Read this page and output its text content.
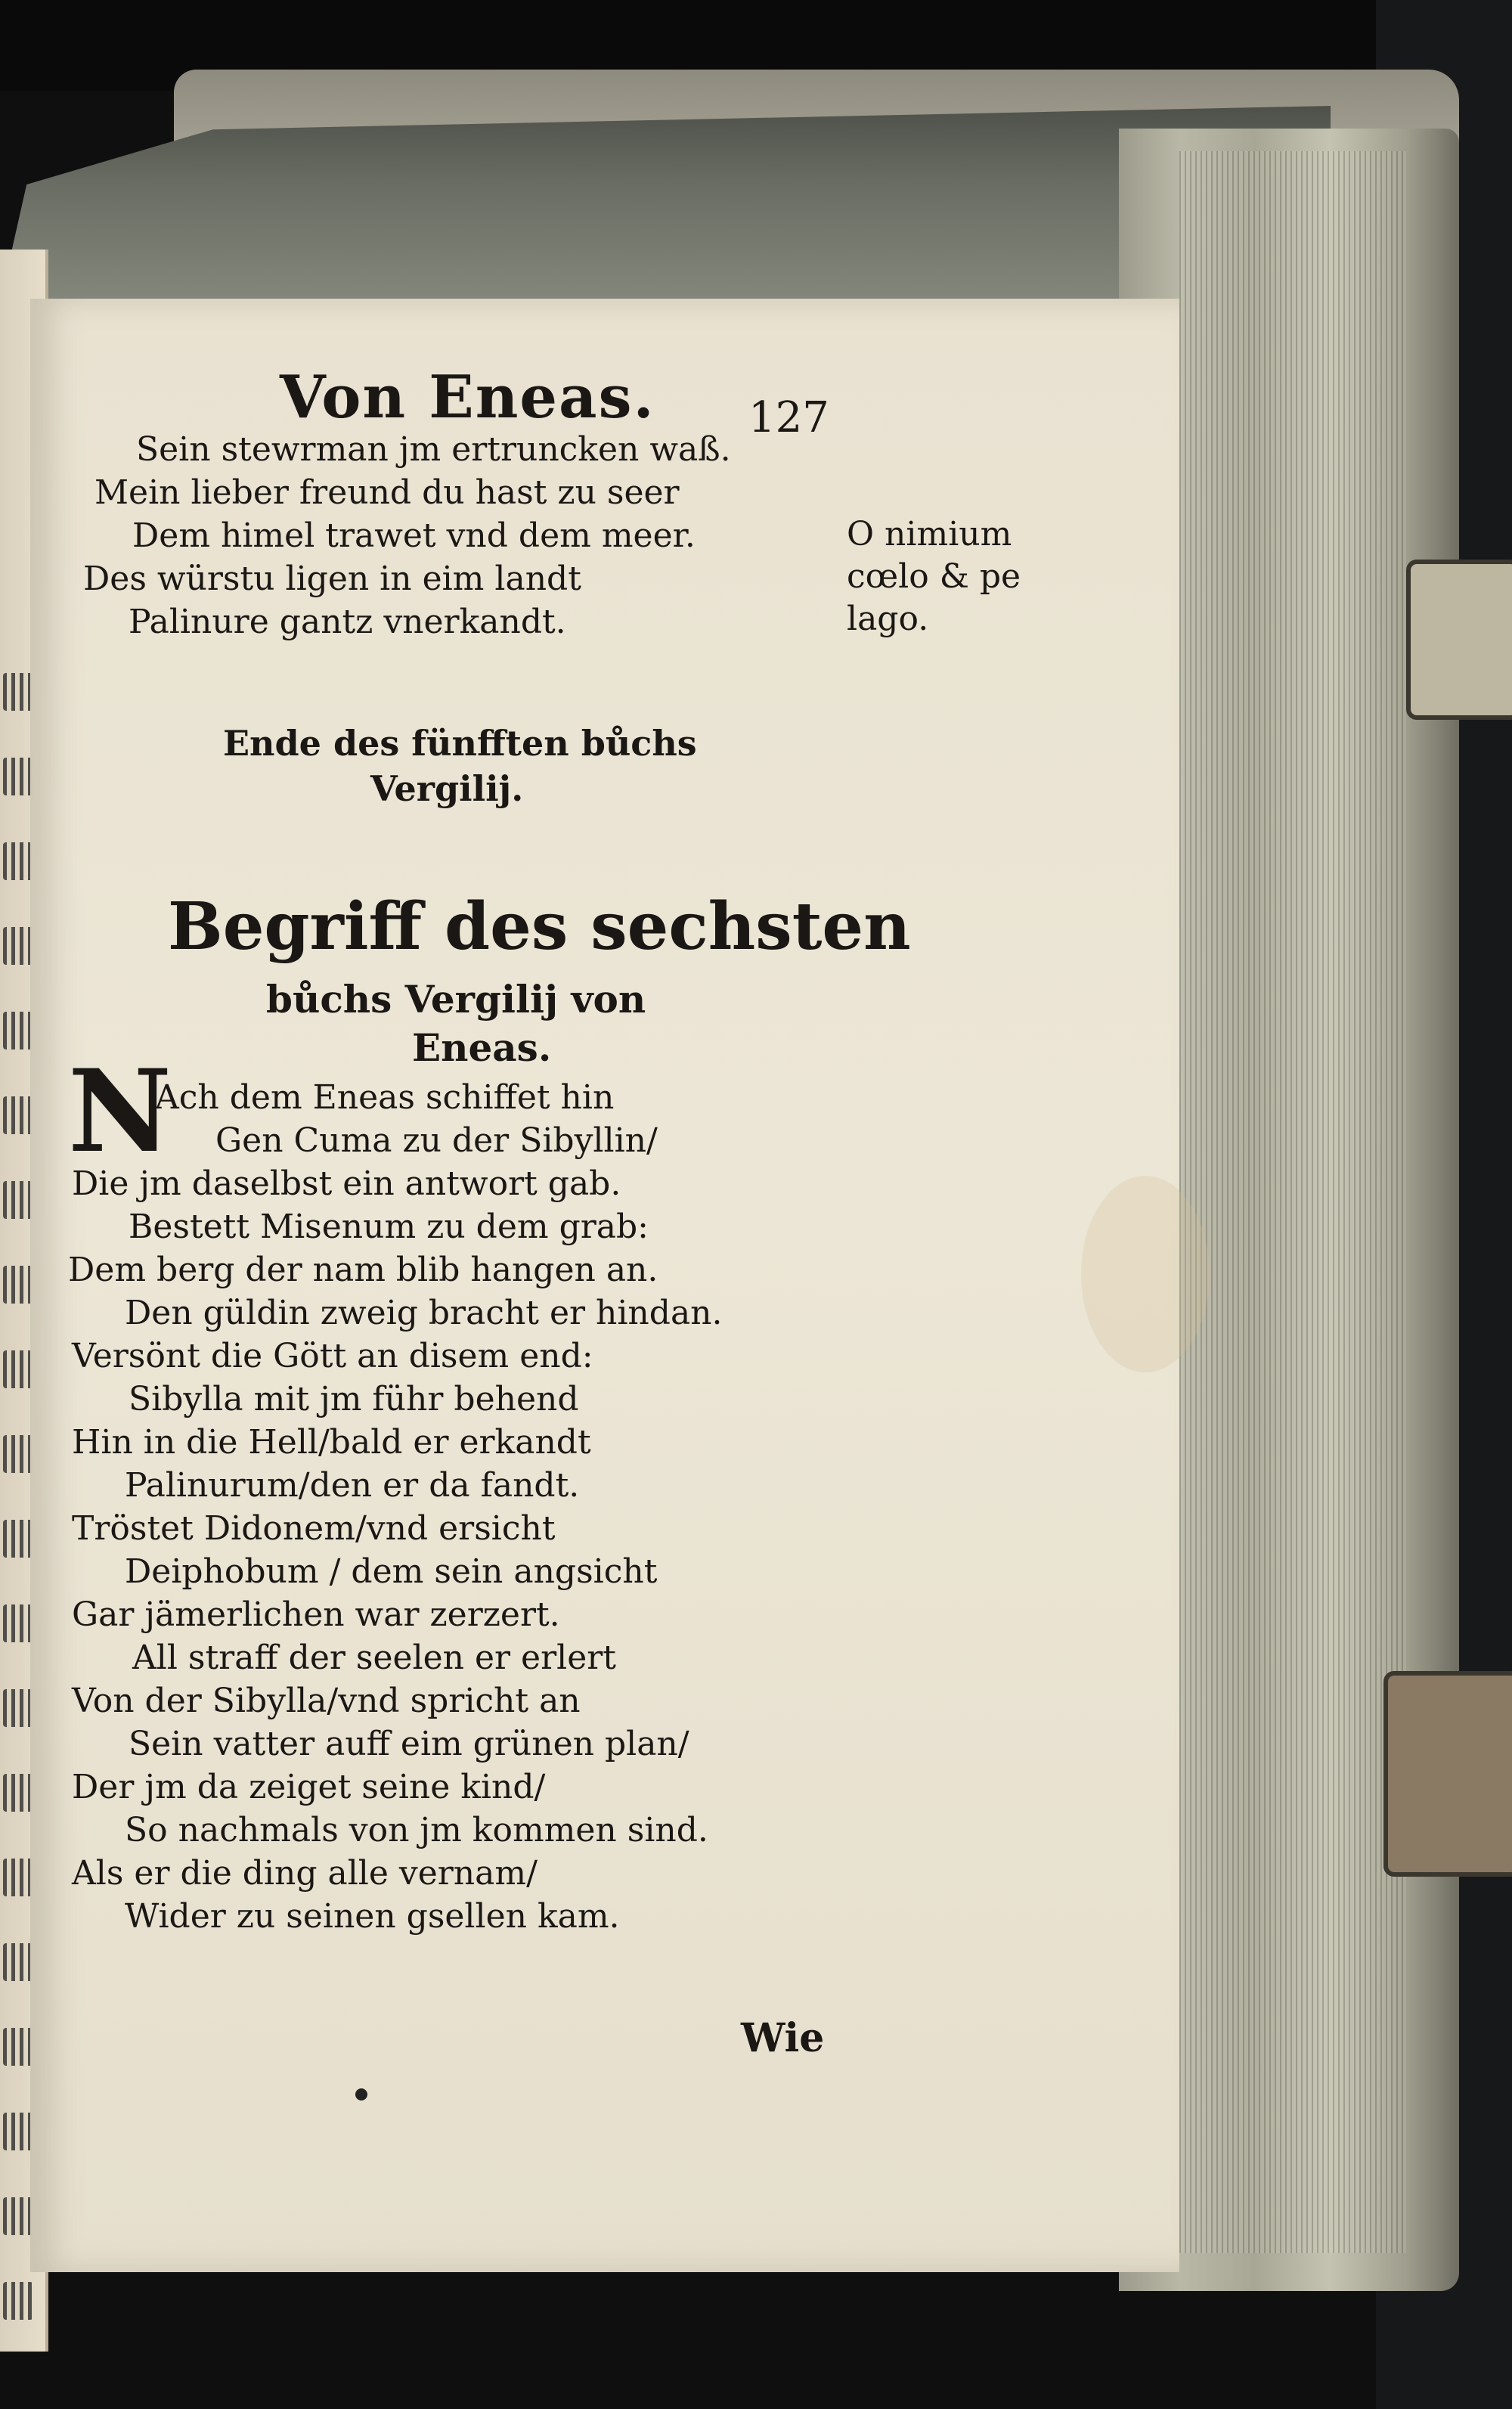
Von Eneas. 127
Sein stewrman jm ertruncken waß.
Mein lieber freund du hast zu seer
Dem himel trawet vnd dem meer.
Des würstu ligen in eim landt
Palinure gantz vnerkandt.
O nimium
cœlo & pe
lago.
Ende des fünfften bůchs
Vergilij.
Begriff des sechsten
bůchs Vergilij von
Eneas.
N
Ach dem Eneas schiffet hin
Gen Cuma zu der Sibyllin/
Die jm daselbst ein antwort gab.
Bestett Misenum zu dem grab:
Dem berg der nam blib hangen an.
Den güldin zweig bracht er hindan.
Versönt die Gött an disem end:
Sibylla mit jm führ behend
Hin in die Hell/bald er erkandt
Palinurum/den er da fandt.
Tröstet Didonem/vnd ersicht
Deiphobum / dem sein angsicht
Gar jämerlichen war zerzert.
All straff der seelen er erlert
Von der Sibylla/vnd spricht an
Sein vatter auff eim grünen plan/
Der jm da zeiget seine kind/
So nachmals von jm kommen sind.
Als er die ding alle vernam/
Wider zu seinen gsellen kam.
Wie
